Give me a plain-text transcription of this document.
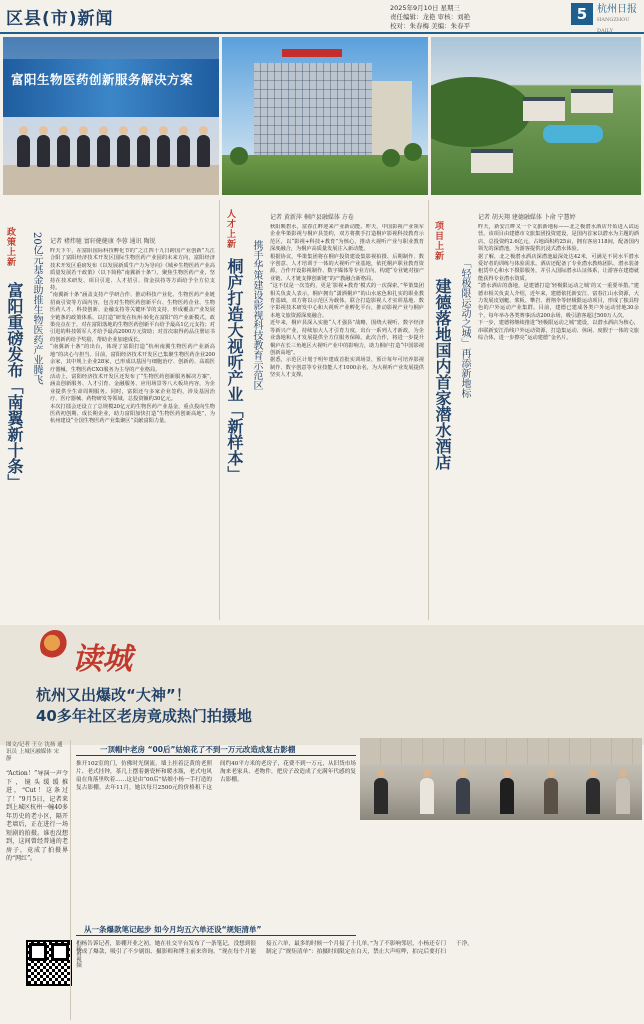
区县(市)新闻
2025年9月10日 星期三
责任编辑：龙艳 审核：刘艳
校对：朱春梅 美编：朱春平
5 杭州日报
HANGZHOU DAILY
富阳生物医药创新服务解决方案
政策上新
富阳重磅发布「南翼新十条」 20亿元基金助推生物医药产业腾飞	记者 褚炜驰 富轩健健康 李蓉 通讯 陶锐

昨天下午，在富阳国际科技孵化节的“之江四十九日跨国产业创新”九江合阳了富阳经济技术开发区国际生物医药产业园的未来方向，富阳经济技术开发区重磅发布《以发展新质生产力为导向》《城乡生物医药产业高质量发展若干政策》（以下简称“南翼新十条”），聚焦生物医药产业，坚持在技术研发、项目引进、人才招引、资金扶持等方面给予全方位支持。

“南翼新十条”涵盖支持产学研合作、推动科技产业化、生物医药产业链招商引资等方面内容，包含对生物医药创新平台、生物医药企业、生物医药人才、科技创新、金融支持等关键环节的支持，形成覆盖产业发展全链条的政策体系，以打造“研发在杭州·转化在富阳”的产业新模式。政策亮点在于，对在富阳落地的生物医药创新平台给予最高1亿元支持；对引进的科技领军人才给予最高2000万元资助；对首次取得药品注册证书的创新药给予奖励，帮助企业加速成长。

“南翼新十条”的出台，体现了富阳打造“杭州南翼生物医药产业新高地”的决心与担当。目前，富阳经济技术开发区已集聚生物医药企业200余家，其中规上企业28家，已形成以基因与细胞治疗、创新药、高端医疗器械、生物医药CXO服务为主导的产业格局。

活动上，富阳经济技术开发区还发布了“生物医药创新服务解决方案”，涵盖创新服务、人才引育、金融服务、应用场景等八大板块内容，为企业提供全生命周期服务。同时，富阳还与多家企业签约，涉及基因治疗、医疗器械、药物研发等领域，总投资额约30亿元。

本次打擂会还设立了总规模20亿元的生物医药产业基金，重点投向生物医药初创期、成长期企业，助力富阳加快打造“生物医药创新高地”，为杭州建设“全国生物医药产业集聚区”贡献富阳力量。

人才上新
桐庐打造大视听产业「新样本」 携手华策建设影视科技教育示范区
记者 黄新萍 桐庐县融媒体 方卷

秋阳映碧水，富春江畔迎来产业新动能。昨天，中国影视产业领军企业华策影视与桐庐县签约，双方将携手打造桐庐影视科技教育示范区，以“影视+科技+教育”为核心，推动大视听产业与职业教育深度融合，为桐庐高质量发展注入新动能。

根据协议，华策集团将在桐庐投资建设集影视拍摄、后期制作、数字创意、人才培训于一体的大视听产业基地，依托桐庐职业教育资源，合作开设影视制作、数字媒体等专业方向，构建“专业链对接产业链、人才链支撑创新链”的产教融合新格局。

“这不仅是一次签约，更是‘影视+教育’模式的一次探索。”华策集团相关负责人表示，桐庐拥有“潇洒桐庐”的山水底色和扎实的职业教育基础，双方将以示范区为载体，联合打造影视人才实训基地、数字影视技术研发中心和大视听产业孵化平台，推动影视产业与桐庐本地文旅资源深度融合。

近年来，桐庐县深入实施“人才强县”战略，围绕大视听、数字经济等新兴产业，持续加大人才引育力度，出台一系列人才新政，为企业落地和人才发展提供全方位服务保障。此次合作，将进一步提升桐庐在长三角地区大视听产业中的影响力，助力桐庐打造“中国影视创新高地”。

据悉，示范区计划于明年建成首批实训场景，预计每年可培养影视制作、数字创意等专业技能人才1000余名，为大视听产业发展提供坚实人才支撑。

项目上新
建德落地国内首家潜水酒店 「轻极限运动之城」再添新地标
记者 胡天翔 建德融媒体 卜俞 宁慧婷

昨天，新安江畔又一个文旅新地标——北之极潜水酒店开始进入试运营。该项目由建德市文旅集团投资建设，是国内首家以潜水为主题的酒店，总投资约2.6亿元，占地面积约25亩，拥有客房118间，配备国内领先的深潜池，为游客提供沉浸式潜水体验。

据了解，北之极潜水酒店深潜池最深处达42米，可满足不同水平潜水爱好者的训练与体验需求。酒店还配备了专业潜水教练团队、潜水装备租赁中心和水下摄影服务，并引入国际潜水认证体系，让游客在建德就能获得专业潜水资质。

“潜水酒店的落地，是建德打造‘轻极限运动之城’的又一重要举措。”建德市相关负责人介绍，近年来，建德依托新安江、富春江山水资源，大力发展皮划艇、桨板、攀岩、滑翔伞等轻极限运动项目，形成了独具特色的户外运动产业集群。目前，建德已建成各类户外运动营地30余个，每年举办各类赛事活动200余场，吸引游客超过500万人次。

下一步，建德将继续推进“轻极限运动之城”建设，以潜水酒店为核心，串联新安江沿线户外运动资源，打造集运动、休闲、度假于一体的文旅综合体，进一步擦亮“运动建德”金名片。

读城
杭州又出爆改“大神”！
40多年社区老房竟成热门拍摄地
图文/记者 王立 沈扬 通讯员 上城区融媒体 宋静

“Action！”导演一声令下，镜头缓缓推进，“Cut！这条过了！”9月5日，记者来到上城区杭州一幢40多年历史的老小区，隔开老墙后，正在进行一场短剧的拍摄。谁也没想到，这间曾经普通的老房子，竟成了拍摄界的“网红”。

扫码看视频
一顶帽中老房 “00后”姑娘花了不到一万元改造成复古影棚

推开102室的门，仿佛时光倒流。墙上挂着泛黄的老照片、老式挂钟，茶几上摆着搪瓷杯和暖水瓶，老式电风扇在角落里吹着……这是由“00后”姑娘小杨一手打造的复古影棚。去年11月，她以每月2500元的价格租下这间约40平方米的老房子，花费不到一万元，从旧货市场淘来老家具、老物件，把房子改造成了充满年代感的复古影棚。

从一条爆款笔记起步 如今月均五六单还设“规矩清单”

小杨告诉记者，影棚开业之初，她在社交平台发布了一条笔记，没想到很快成了爆款，吸引了不少剧组、摄影师和博主前来咨询。“现在每个月能接五六单，最多的时候一个月接了十几单。”为了不影响邻居，小杨还专门制定了“规矩清单”：拍摄时间限定在白天，禁止大声喧哗，拍完后要打扫干净。
